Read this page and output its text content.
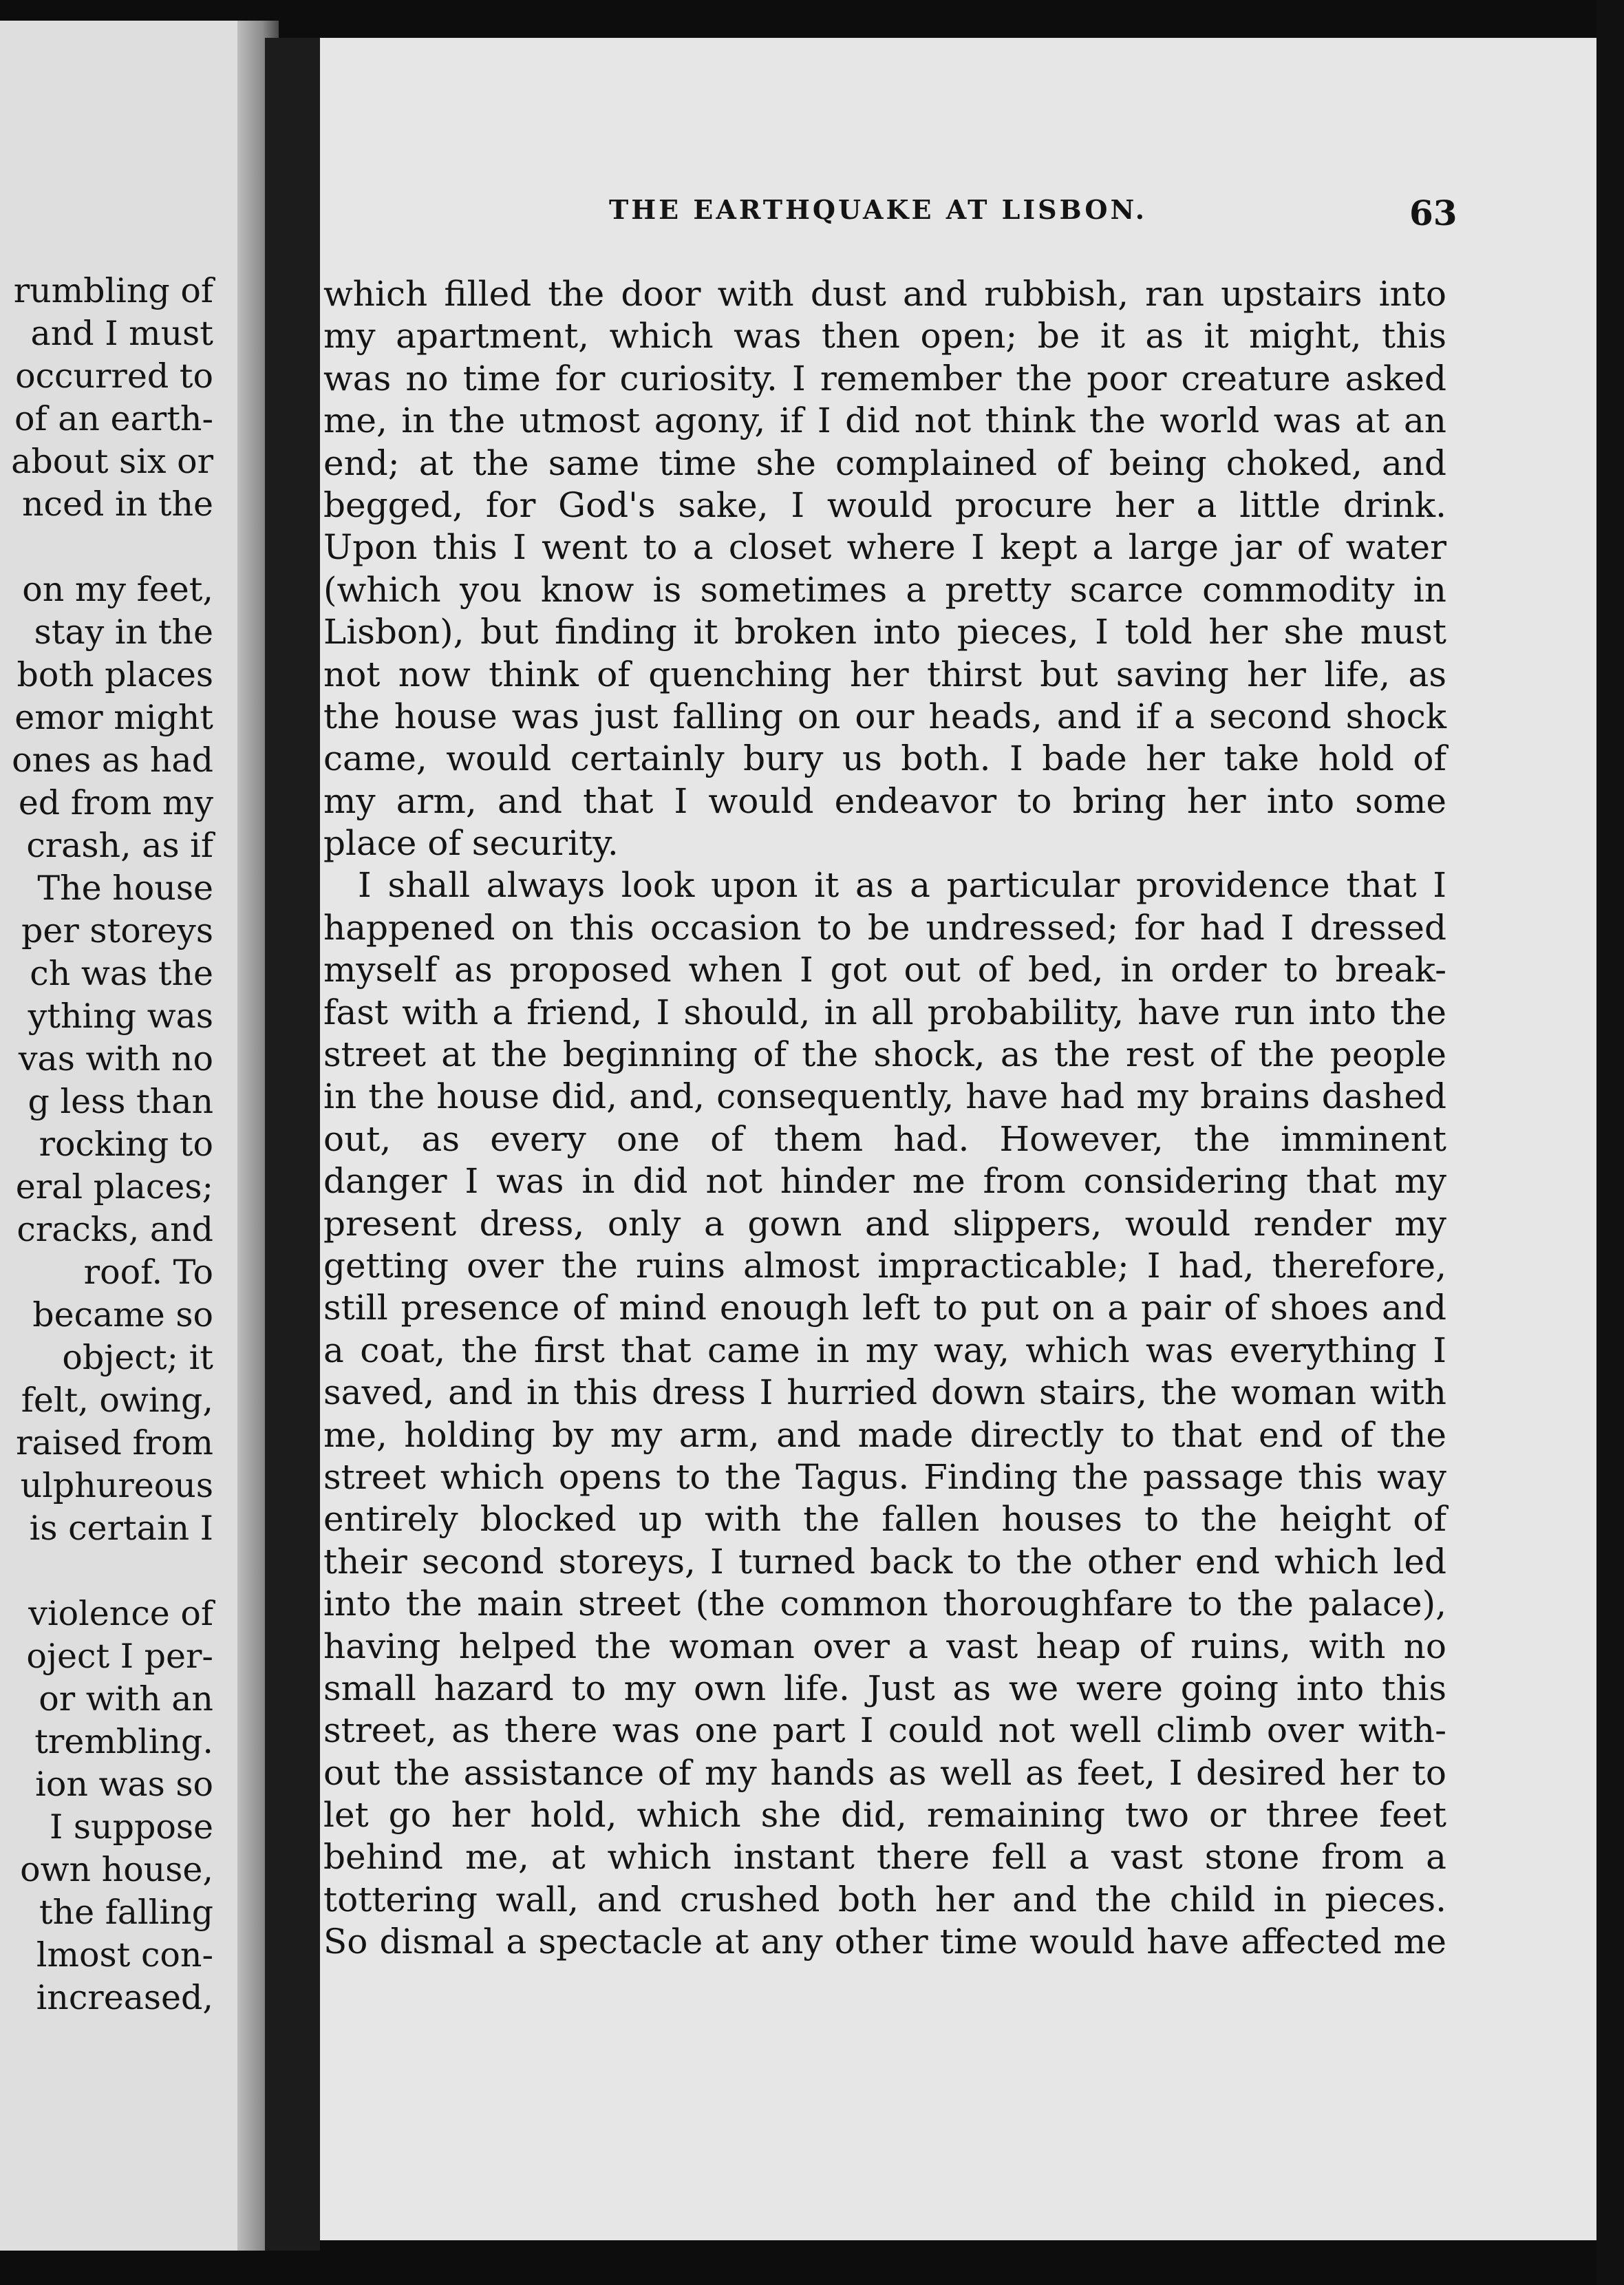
rumbling of
and I must
occurred to
of an earth-
about six or
nced in the
on my feet,
stay in the
both places
emor might
ones as had
ed from my
crash, as if
The house
per storeys
ch was the
ything was
vas with no
g less than
rocking to
eral places;
cracks, and
roof. To
became so
object; it
felt, owing,
raised from
ulphureous
is certain I
violence of
oject I per-
or with an
trembling.
ion was so
I suppose
own house,
the falling
lmost con-
increased,
THE EARTHQUAKE AT LISBON.	63
which filled the door with dust and rubbish, ran upstairs into
my apartment, which was then open; be it as it might, this
was no time for curiosity. I remember the poor creature asked
me, in the utmost agony, if I did not think the world was at an
end; at the same time she complained of being choked, and
begged, for God's sake, I would procure her a little drink.
Upon this I went to a closet where I kept a large jar of water
(which you know is sometimes a pretty scarce commodity in
Lisbon), but finding it broken into pieces, I told her she must
not now think of quenching her thirst but saving her life, as
the house was just falling on our heads, and if a second shock
came, would certainly bury us both. I bade her take hold of
my arm, and that I would endeavor to bring her into some
place of security.
I shall always look upon it as a particular providence that I
happened on this occasion to be undressed; for had I dressed
myself as proposed when I got out of bed, in order to break-
fast with a friend, I should, in all probability, have run into the
street at the beginning of the shock, as the rest of the people
in the house did, and, consequently, have had my brains dashed
out, as every one of them had. However, the imminent
danger I was in did not hinder me from considering that my
present dress, only a gown and slippers, would render my
getting over the ruins almost impracticable; I had, therefore,
still presence of mind enough left to put on a pair of shoes and
a coat, the first that came in my way, which was everything I
saved, and in this dress I hurried down stairs, the woman with
me, holding by my arm, and made directly to that end of the
street which opens to the Tagus. Finding the passage this way
entirely blocked up with the fallen houses to the height of
their second storeys, I turned back to the other end which led
into the main street (the common thoroughfare to the palace),
having helped the woman over a vast heap of ruins, with no
small hazard to my own life. Just as we were going into this
street, as there was one part I could not well climb over with-
out the assistance of my hands as well as feet, I desired her to
let go her hold, which she did, remaining two or three feet
behind me, at which instant there fell a vast stone from a
tottering wall, and crushed both her and the child in pieces.
So dismal a spectacle at any other time would have affected me
